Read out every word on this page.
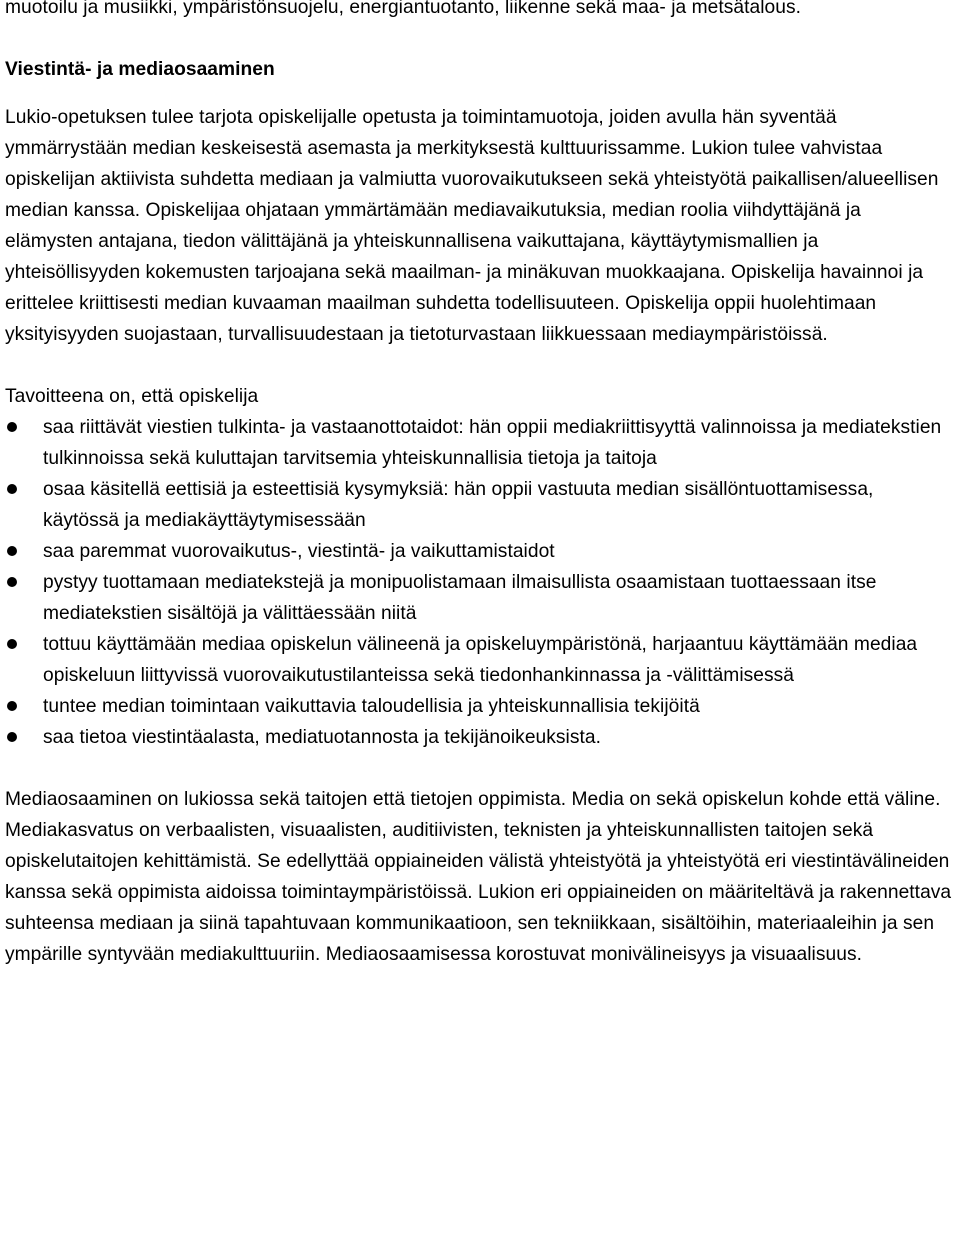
muotoilu ja musiikki, ympäristönsuojelu, energiantuotanto, liikenne sekä maa- ja metsätalous.

Viestintä- ja mediaosaaminen

Lukio-opetuksen tulee tarjota opiskelijalle opetusta ja toimintamuotoja, joiden avulla hän syventää ymmärrystään median keskeisestä asemasta ja merkityksestä kulttuurissamme. Lukion tulee vahvistaa opiskelijan aktiivista suhdetta mediaan ja valmiutta vuorovaikutukseen sekä yhteistyötä paikallisen/alueellisen median kanssa. Opiskelijaa ohjataan ymmärtämään mediavaikutuksia, median roolia viihdyttäjänä ja elämysten antajana, tiedon välittäjänä ja yhteiskunnallisena vaikuttajana, käyttäytymismallien ja yhteisöllisyyden kokemusten tarjoajana sekä maailman- ja minäkuvan muokkaajana. Opiskelija havainnoi ja erittelee kriittisesti median kuvaaman maailman suhdetta todellisuuteen. Opiskelija oppii huolehtimaan yksityisyyden suojastaan, turvallisuudestaan ja tietoturvastaan liikkuessaan mediaympäristöissä.

Tavoitteena on, että opiskelija

saa riittävät viestien tulkinta- ja vastaanottotaidot: hän oppii mediakriittisyyttä valinnoissa ja mediatekstien tulkinnoissa sekä kuluttajan tarvitsemia yhteiskunnallisia tietoja ja taitoja
osaa käsitellä eettisiä ja esteettisiä kysymyksiä: hän oppii vastuuta median sisällöntuottamisessa, käytössä ja mediakäyttäytymisessään
saa paremmat vuorovaikutus-, viestintä- ja vaikuttamistaidot
pystyy tuottamaan mediatekstejä ja monipuolistamaan ilmaisullista osaamistaan tuottaessaan itse mediatekstien sisältöjä ja välittäessään niitä
tottuu käyttämään mediaa opiskelun välineenä ja opiskeluympäristönä, harjaantuu käyttämään mediaa opiskeluun liittyvissä vuorovaikutustilanteissa sekä tiedonhankinnassa ja -välittämisessä
tuntee median toimintaan vaikuttavia taloudellisia ja yhteiskunnallisia tekijöitä
saa tietoa viestintäalasta, mediatuotannosta ja tekijänoikeuksista.

Mediaosaaminen on lukiossa sekä taitojen että tietojen oppimista. Media on sekä opiskelun kohde että väline. Mediakasvatus on verbaalisten, visuaalisten, auditiivisten, teknisten ja yhteiskunnallisten taitojen sekä opiskelutaitojen kehittämistä. Se edellyttää oppiaineiden välistä yhteistyötä ja yhteistyötä eri viestintävälineiden kanssa sekä oppimista aidoissa toimintaympäristöissä. Lukion eri oppiaineiden on määriteltävä ja rakennettava suhteensa mediaan ja siinä tapahtuvaan kommunikaatioon, sen tekniikkaan, sisältöihin, materiaaleihin ja sen ympärille syntyvään mediakulttuuriin. Mediaosaamisessa korostuvat monivälineisyys ja visuaalisuus.
